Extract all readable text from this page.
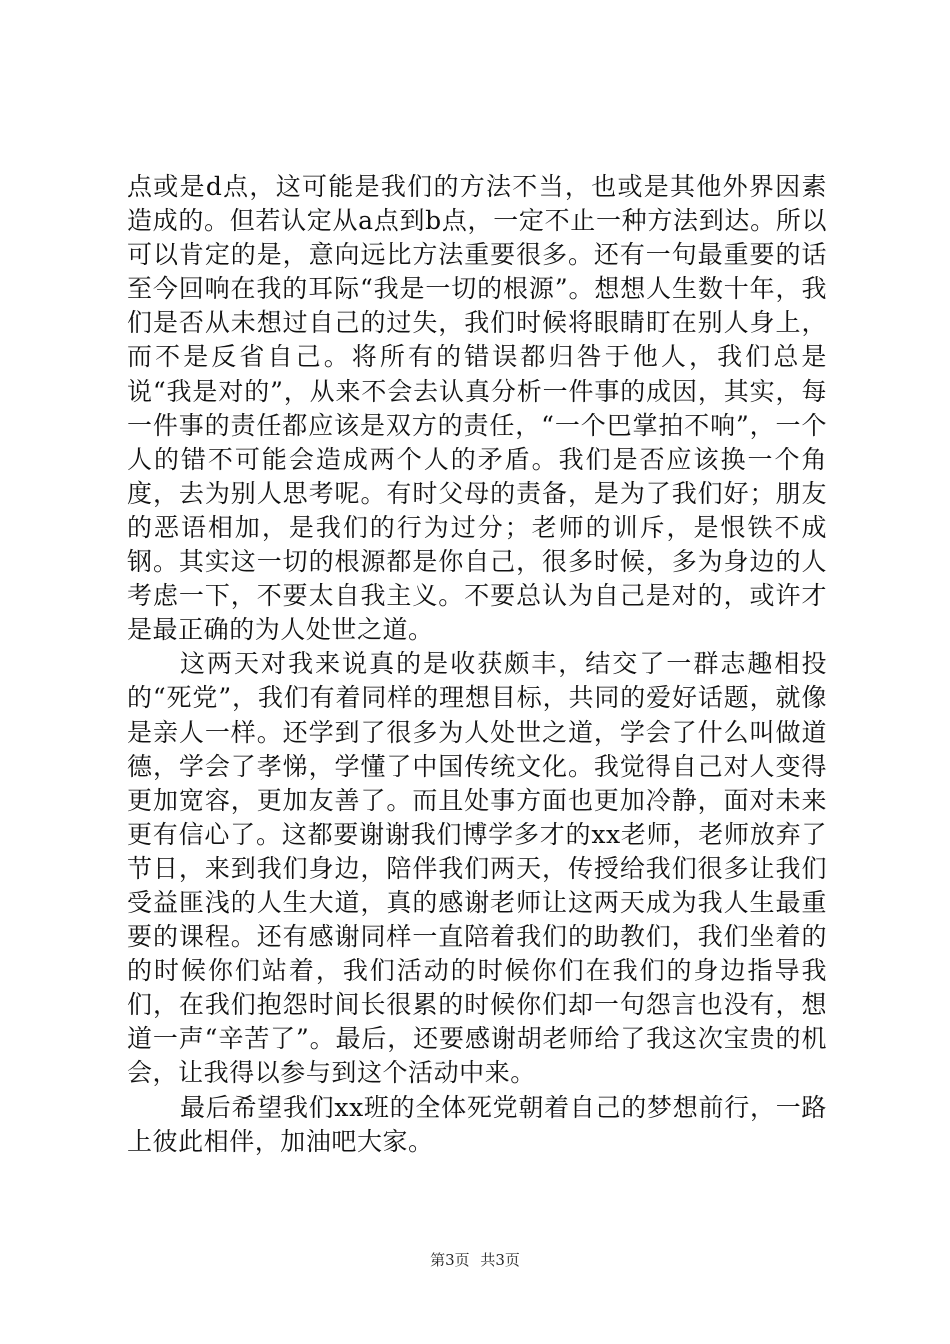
点或是d点，这可能是我们的方法不当，也或是其他外界因素造成的。但若认定从a点到b点，一定不止一种方法到达。所以可以肯定的是，意向远比方法重要很多。还有一句最重要的话至今回响在我的耳际“我是一切的根源”。想想人生数十年，我们是否从未想过自己的过失，我们时候将眼睛盯在别人身上，而不是反省自己。将所有的错误都归咎于他人，我们总是说“我是对的”，从来不会去认真分析一件事的成因，其实，每一件事的责任都应该是双方的责任，“一个巴掌拍不响”，一个人的错不可能会造成两个人的矛盾。我们是否应该换一个角度，去为别人思考呢。有时父母的责备，是为了我们好；朋友的恶语相加，是我们的行为过分；老师的训斥，是恨铁不成钢。其实这一切的根源都是你自己，很多时候，多为身边的人考虑一下，不要太自我主义。不要总认为自己是对的，或许才是最正确的为人处世之道。

这两天对我来说真的是收获颇丰，结交了一群志趣相投的“死党”，我们有着同样的理想目标，共同的爱好话题，就像是亲人一样。还学到了很多为人处世之道，学会了什么叫做道德，学会了孝悌，学懂了中国传统文化。我觉得自己对人变得更加宽容，更加友善了。而且处事方面也更加冷静，面对未来更有信心了。这都要谢谢我们博学多才的xx老师，老师放弃了节日，来到我们身边，陪伴我们两天，传授给我们很多让我们受益匪浅的人生大道，真的感谢老师让这两天成为我人生最重要的课程。还有感谢同样一直陪着我们的助教们，我们坐着的的时候你们站着，我们活动的时候你们在我们的身边指导我们，在我们抱怨时间长很累的时候你们却一句怨言也没有，想道一声“辛苦了”。最后，还要感谢胡老师给了我这次宝贵的机会，让我得以参与到这个活动中来。

最后希望我们xx班的全体死党朝着自己的梦想前行，一路上彼此相伴，加油吧大家。

第3页 共3页
